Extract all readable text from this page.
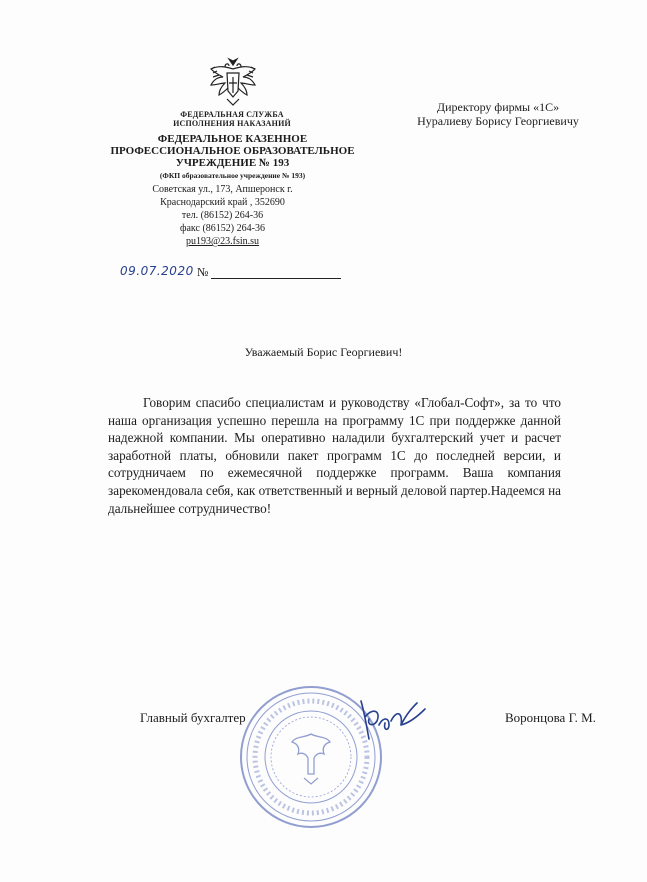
ФЕДЕРАЛЬНАЯ СЛУЖБА
ИСПОЛНЕНИЯ НАКАЗАНИЙ
ФЕДЕРАЛЬНОЕ КАЗЕННОЕ
ПРОФЕССИОНАЛЬНОЕ ОБРАЗОВАТЕЛЬНОЕ
УЧРЕЖДЕНИЕ № 193
(ФКП образовательное учреждение № 193)
Советская ул., 173, Апшеронск г.
Краснодарский край , 352690
тел. (86152) 264-36
факс (86152) 264-36
pu193@23.fsin.su
Директору фирмы «1С»
Нуралиеву Борису Георгиевичу
09.07.2020 №
Уважаемый Борис Георгиевич!

Говорим спасибо специалистам и руководству «Глобал-Софт», за то что наша организация успешно перешла на программу 1С при поддержке данной надежной компании. Мы оперативно наладили бухгалтерский учет и расчет заработной платы, обновили пакет программ 1С до последней версии, и сотрудничаем по ежемесячной поддержке программ. Ваша компания зарекомендовала себя, как ответственный и верный деловой партер.Надеемся на дальнейшее сотрудничество!

Главный бухгалтер	Воронцова Г. М.
